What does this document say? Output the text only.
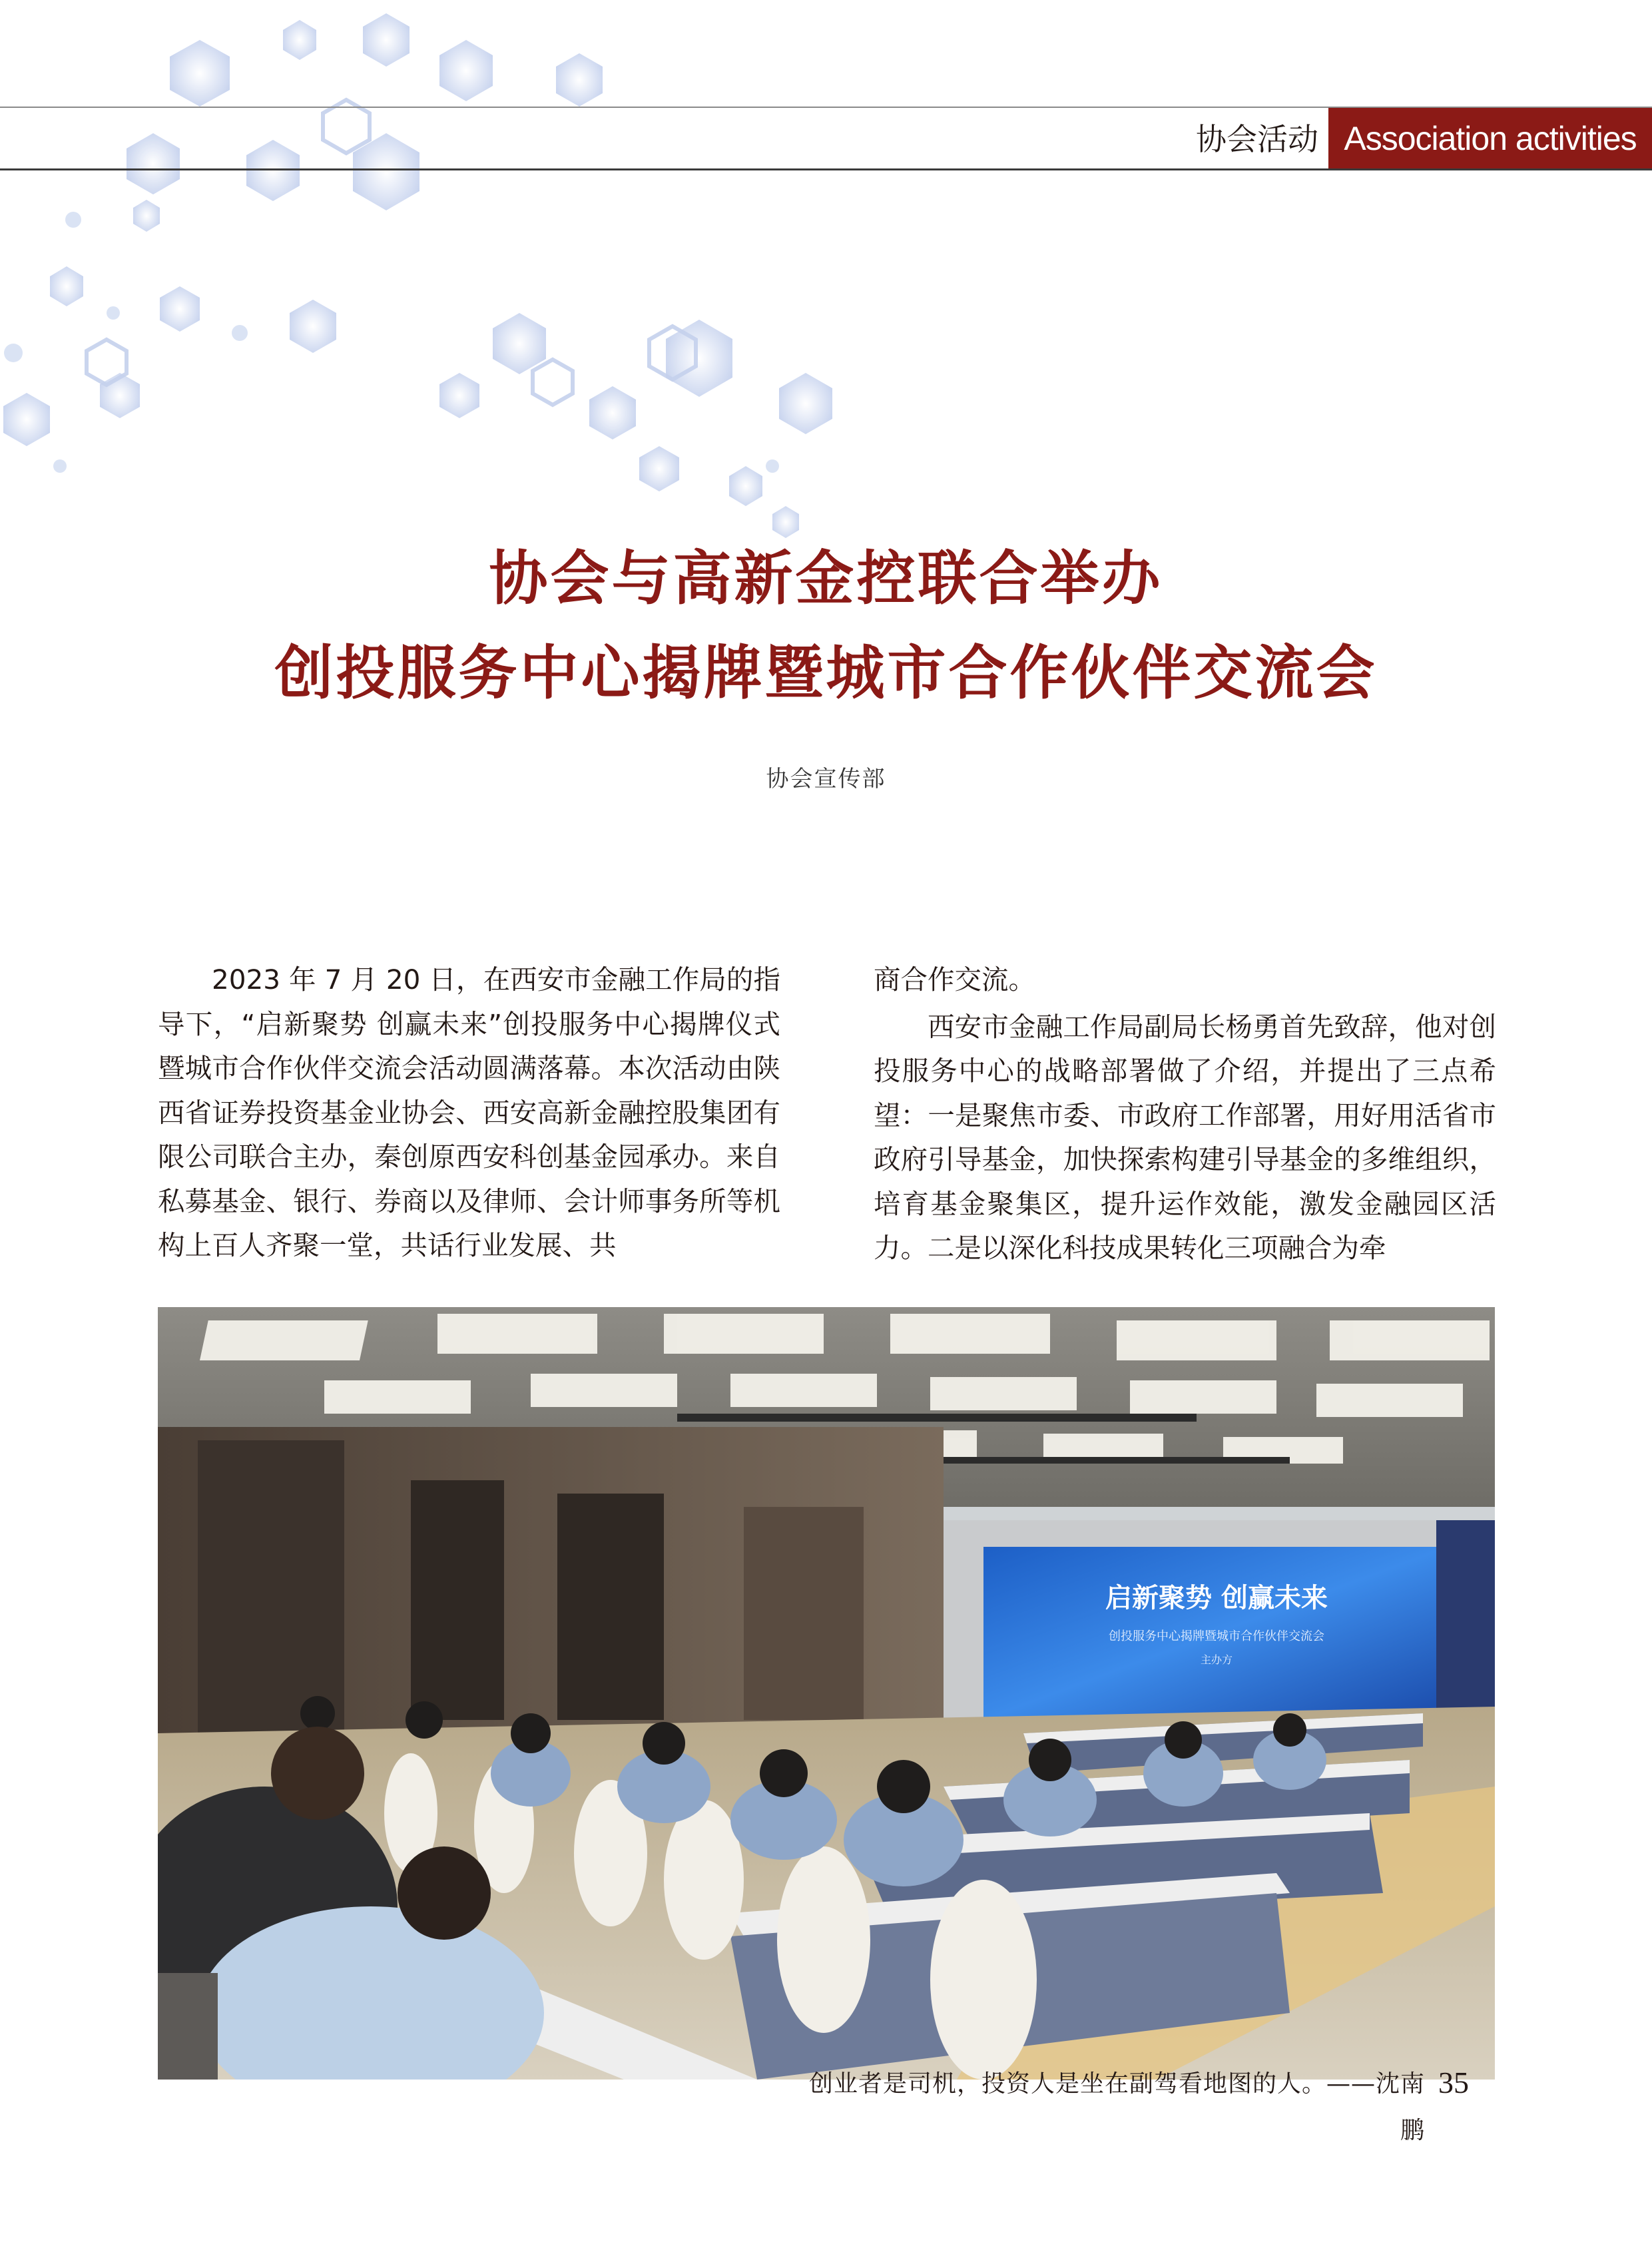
协会活动 Association activities
协会与高新金控联合举办
创投服务中心揭牌暨城市合作伙伴交流会
协会宣传部

2023 年 7 月 20 日，在西安市金融工作局的指导下，“启新聚势 创赢未来”创投服务中心揭牌仪式暨城市合作伙伴交流会活动圆满落幕。本次活动由陕西省证券投资基金业协会、西安高新金融控股集团有限公司联合主办，秦创原西安科创基金园承办。来自私募基金、银行、券商以及律师、会计师事务所等机构上百人齐聚一堂，共话行业发展、共

商合作交流。

西安市金融工作局副局长杨勇首先致辞，他对创投服务中心的战略部署做了介绍，并提出了三点希望：一是聚焦市委、市政府工作部署，用好用活省市政府引导基金，加快探索构建引导基金的多维组织，培育基金聚集区，提升运作效能，激发金融园区活力。二是以深化科技成果转化三项融合为牵

启新聚势 创赢未来
创投服务中心揭牌暨城市合作伙伴交流会
主办方
创业者是司机，投资人是坐在副驾看地图的人。——沈南鹏
35
